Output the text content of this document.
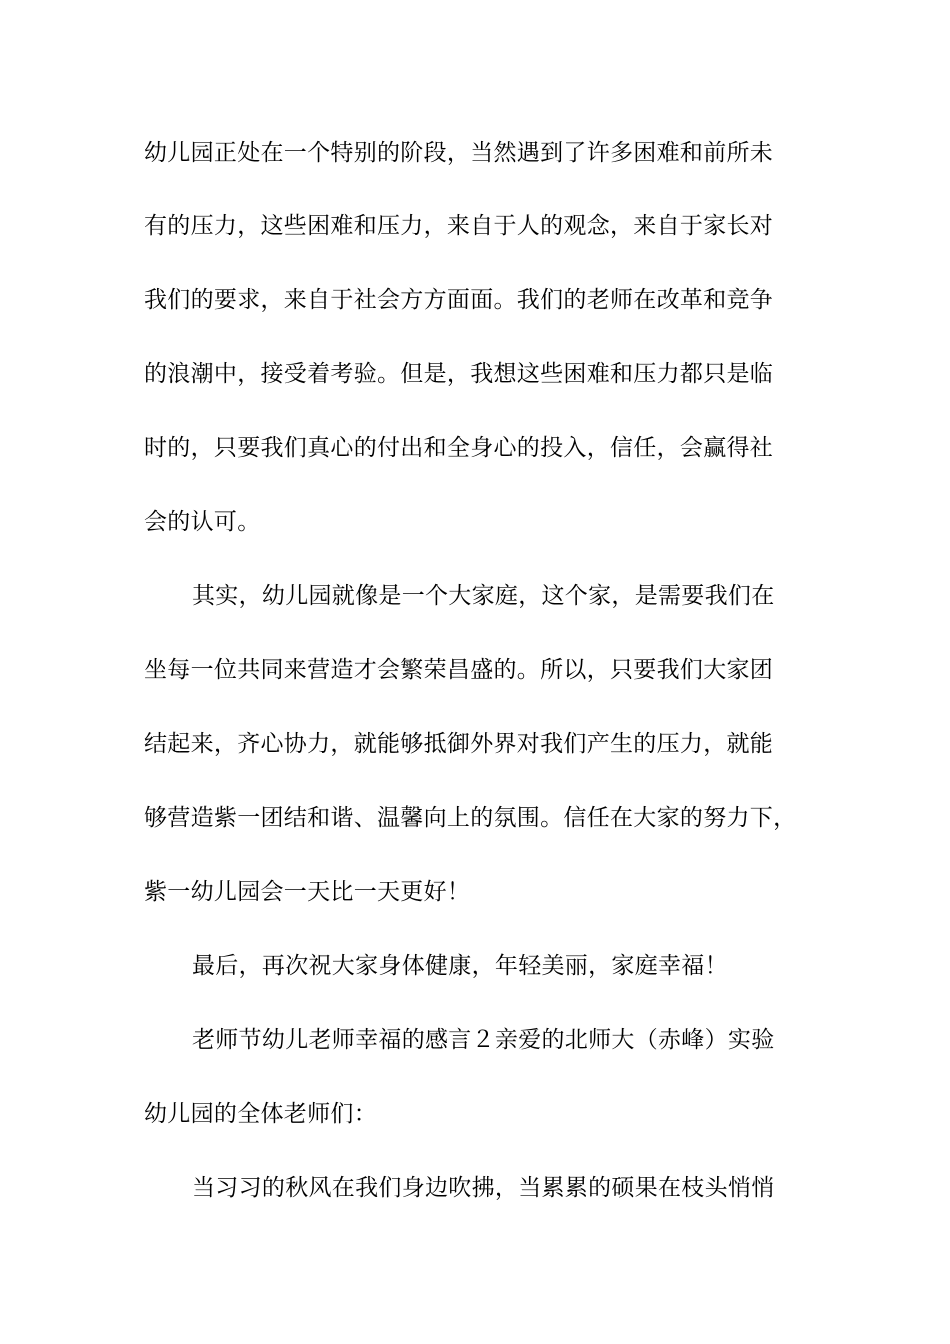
幼儿园正处在一个特别的阶段，当然遇到了许多困难和前所未
有的压力，这些困难和压力，来自于人的观念，来自于家长对
我们的要求，来自于社会方方面面。我们的老师在改革和竞争
的浪潮中，接受着考验。但是，我想这些困难和压力都只是临
时的，只要我们真心的付出和全身心的投入，信任，会赢得社
会的认可。
其实，幼儿园就像是一个大家庭，这个家，是需要我们在
坐每一位共同来营造才会繁荣昌盛的。所以，只要我们大家团
结起来，齐心协力，就能够抵御外界对我们产生的压力，就能
够营造紫一团结和谐、温馨向上的氛围。信任在大家的努力下，
紫一幼儿园会一天比一天更好！
最后，再次祝大家身体健康，年轻美丽，家庭幸福！
老师节幼儿老师幸福的感言２亲爱的北师大（赤峰）实验
幼儿园的全体老师们：
当习习的秋风在我们身边吹拂，当累累的硕果在枝头悄悄
